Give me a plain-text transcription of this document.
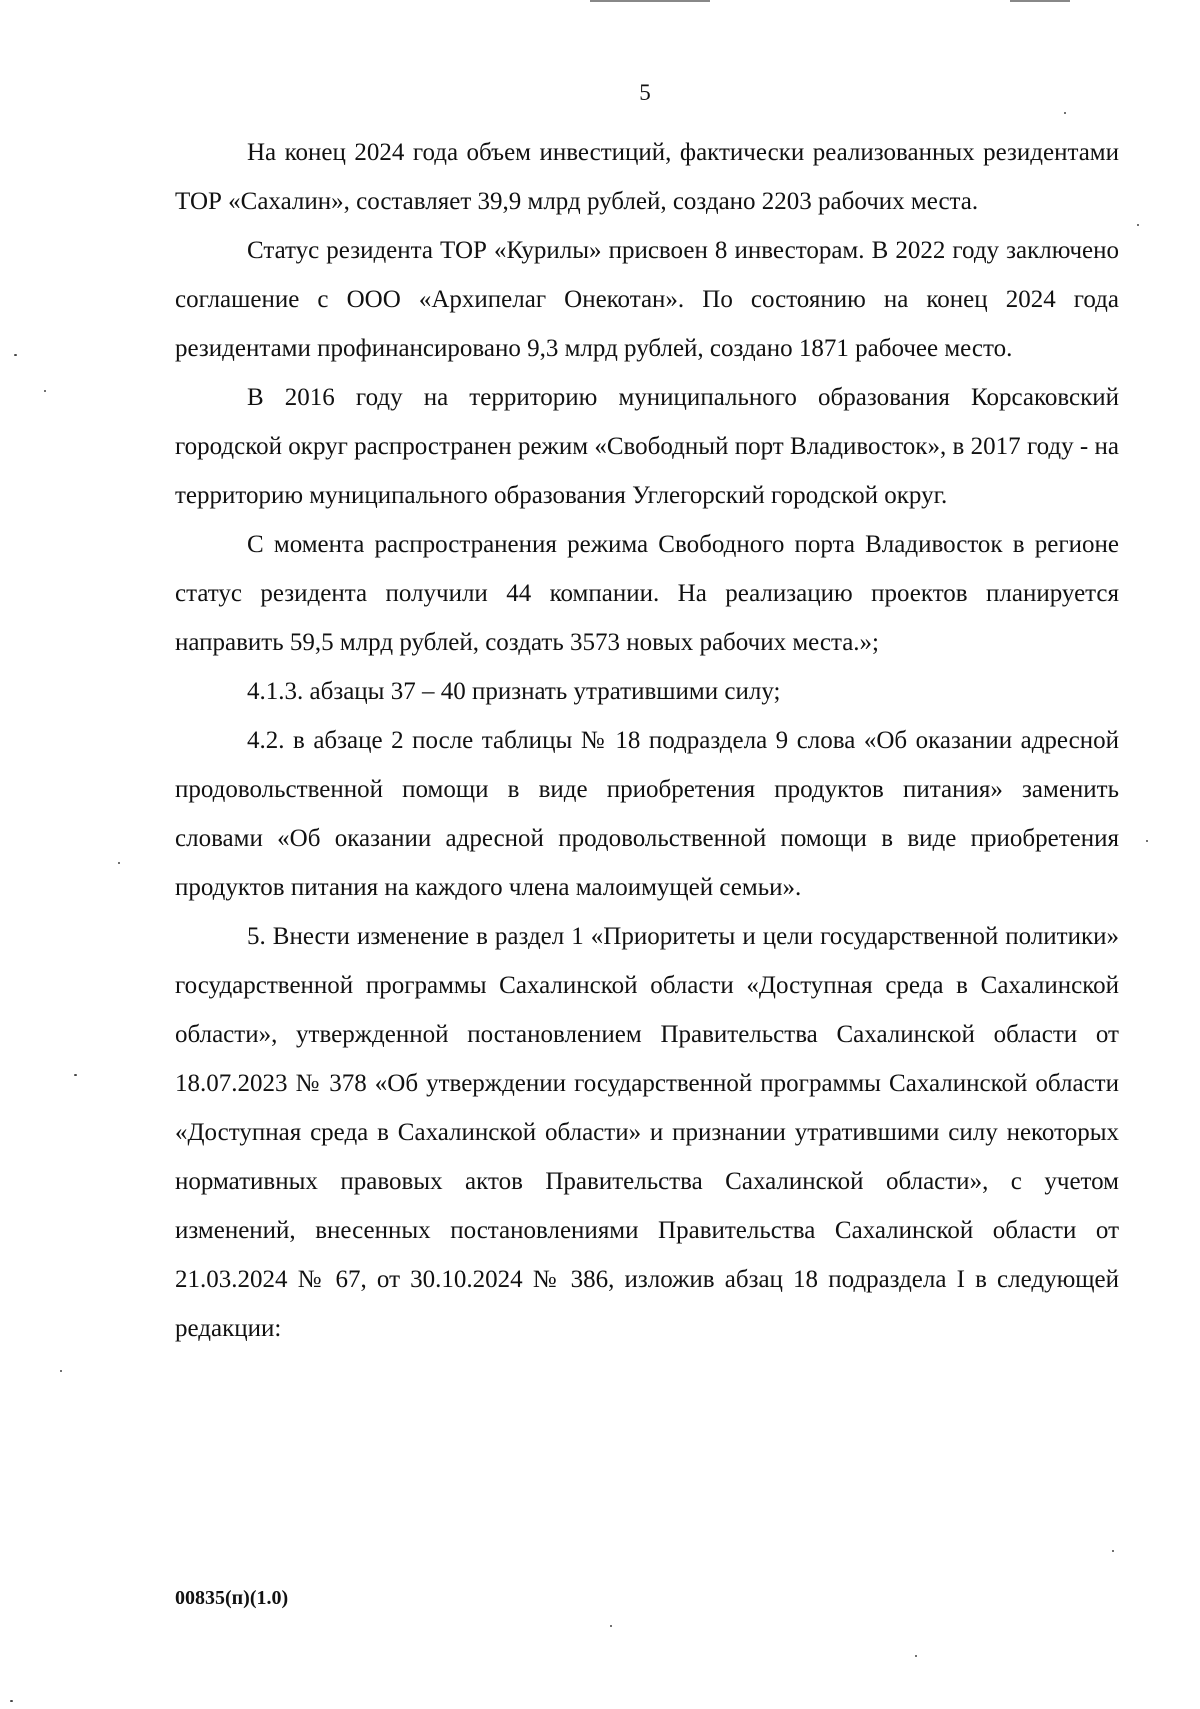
5

На конец 2024 года объем инвестиций, фактически реализованных резидентами ТОР «Сахалин», составляет 39,9 млрд рублей, создано 2203 рабочих места.

Статус резидента ТОР «Курилы» присвоен 8 инвесторам. В 2022 году заключено соглашение с ООО «Архипелаг Онекотан». По состоянию на конец 2024 года резидентами профинансировано 9,3 млрд рублей, создано 1871 рабочее место.

В 2016 году на территорию муниципального образования Корсаковский городской округ распространен режим «Свободный порт Владивосток», в 2017 году - на территорию муниципального образования Углегорский городской округ.

С момента распространения режима Свободного порта Владивосток в регионе статус резидента получили 44 компании. На реализацию проектов планируется направить 59,5 млрд рублей, создать 3573 новых рабочих места.»;

4.1.3. абзацы 37 – 40 признать утратившими силу;

4.2. в абзаце 2 после таблицы № 18 подраздела 9 слова «Об оказании адресной продовольственной помощи в виде приобретения продуктов питания» заменить словами «Об оказании адресной продовольственной помощи в виде приобретения продуктов питания на каждого члена малоимущей семьи».

5. Внести изменение в раздел 1 «Приоритеты и цели государственной политики» государственной программы Сахалинской области «Доступная среда в Сахалинской области», утвержденной постановлением Правительства Сахалинской области от 18.07.2023 № 378 «Об утверждении государственной программы Сахалинской области «Доступная среда в Сахалинской области» и признании утратившими силу некоторых нормативных правовых актов Правительства Сахалинской области», с учетом изменений, внесенных постановлениями Правительства Сахалинской области от 21.03.2024 № 67, от 30.10.2024 № 386, изложив абзац 18 подраздела I в следующей редакции:

00835(п)(1.0)
